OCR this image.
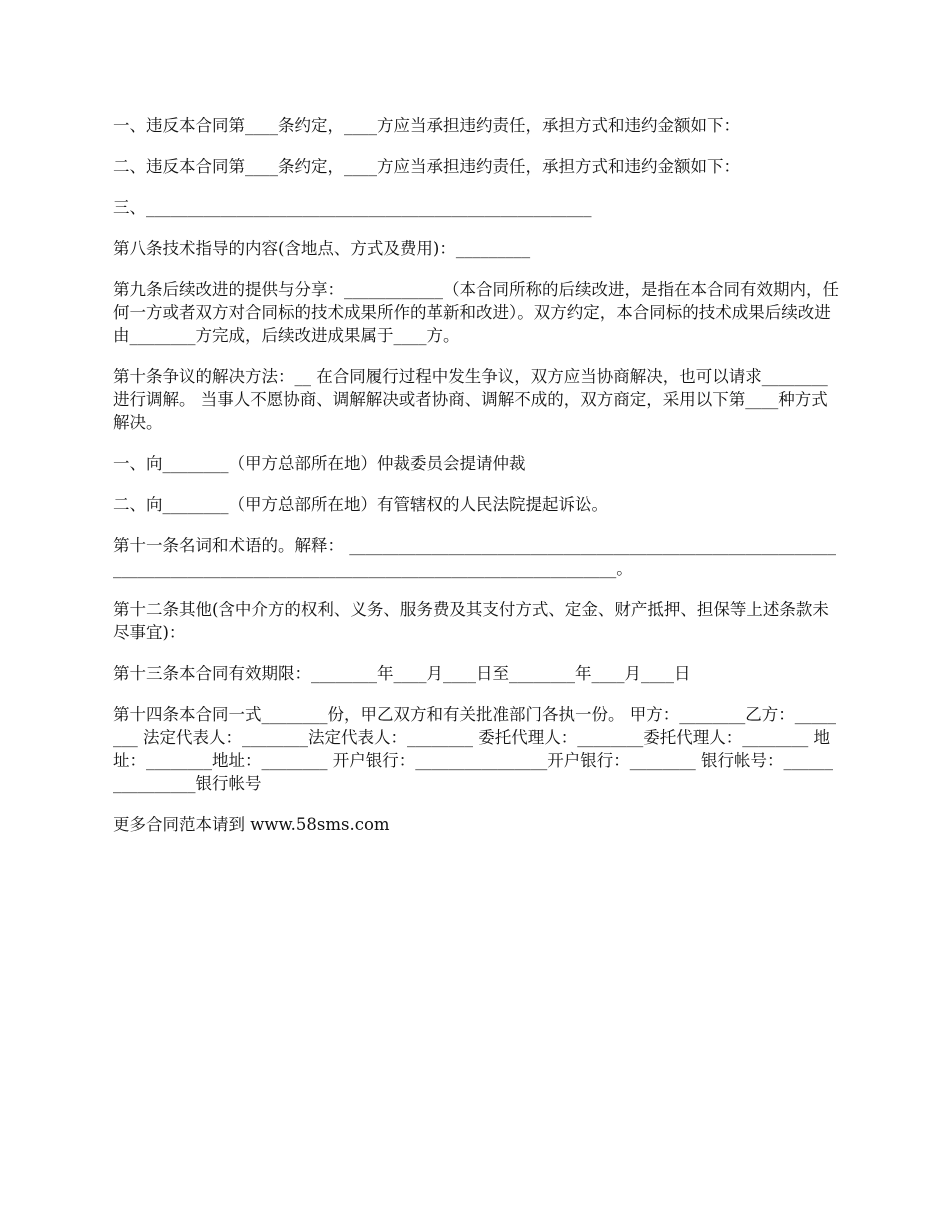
一、违反本合同第____条约定，____方应当承担违约责任，承担方式和违约金额如下：

二、违反本合同第____条约定，____方应当承担违约责任，承担方式和违约金额如下：

三、______________________________________________________

第八条技术指导的内容(含地点、方式及费用)：_________

第九条后续改进的提供与分享：____________（本合同所称的后续改进，是指在本合同有效期内，任何一方或者双方对合同标的技术成果所作的革新和改进）。双方约定，本合同标的技术成果后续改进由________方完成，后续改进成果属于____方。

第十条争议的解决方法：__ 在合同履行过程中发生争议，双方应当协商解决，也可以请求________进行调解。 当事人不愿协商、调解解决或者协商、调解不成的，双方商定，采用以下第____种方式解决。

一、向________（甲方总部所在地）仲裁委员会提请仲裁

二、向________（甲方总部所在地）有管辖权的人民法院提起诉讼。

第十一条名词和术语的。解释： ________________________________________________________________________________________________________________________。

第十二条其他(含中介方的权利、义务、服务费及其支付方式、定金、财产抵押、担保等上述条款未尽事宜)：

第十三条本合同有效期限：________年____月____日至________年____月____日

第十四条本合同一式________份，甲乙双方和有关批准部门各执一份。 甲方：________乙方：________ 法定代表人：________法定代表人：________ 委托代理人：________委托代理人：________ 地址：________地址：________ 开户银行：________________开户银行：________ 银行帐号：________________银行帐号

更多合同范本请到 www.58sms.com
